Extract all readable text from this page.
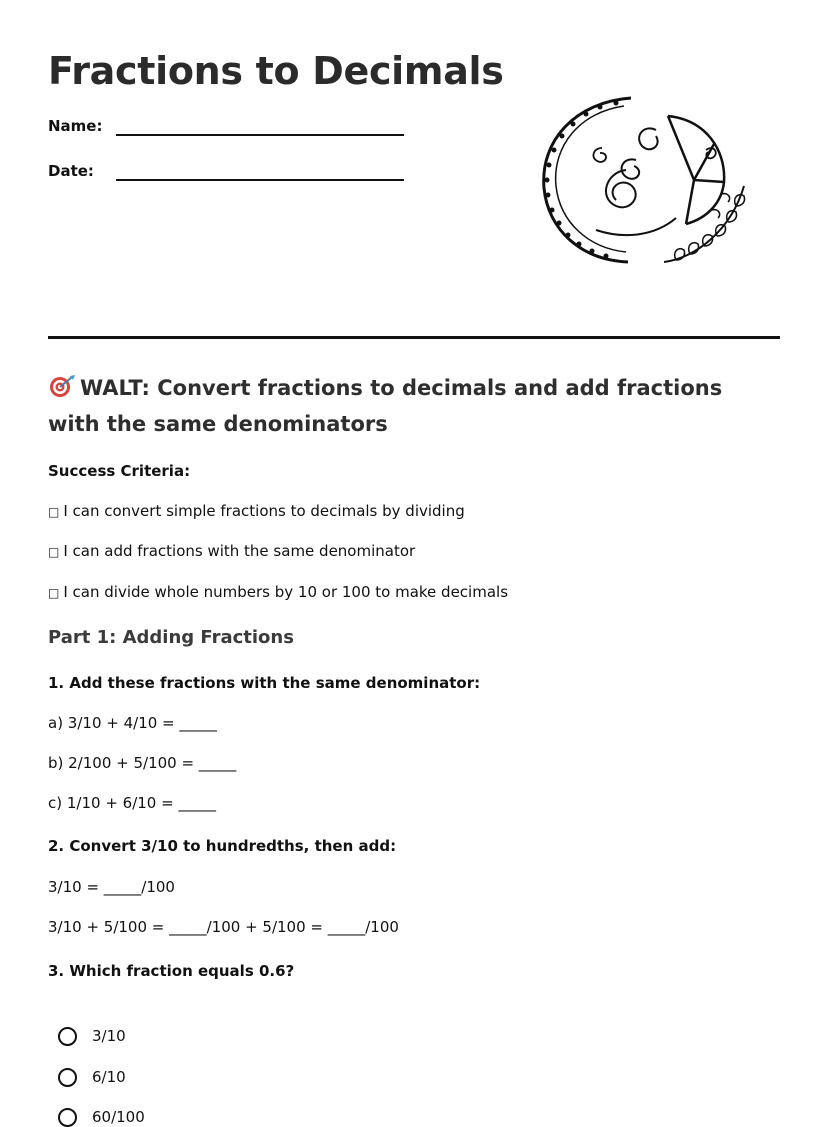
Fractions to Decimals
Name:
Date:
WALT: Convert fractions to decimals and add fractions with the same denominators
Success Criteria:
□ I can convert simple fractions to decimals by dividing
□ I can add fractions with the same denominator
□ I can divide whole numbers by 10 or 100 to make decimals
Part 1: Adding Fractions
1. Add these fractions with the same denominator:
a) 3/10 + 4/10 = _____
b) 2/100 + 5/100 = _____
c) 1/10 + 6/10 = _____
2. Convert 3/10 to hundredths, then add:
3/10 = _____/100
3/10 + 5/100 = _____/100 + 5/100 = _____/100
3. Which fraction equals 0.6?
3/10
6/10
60/100
